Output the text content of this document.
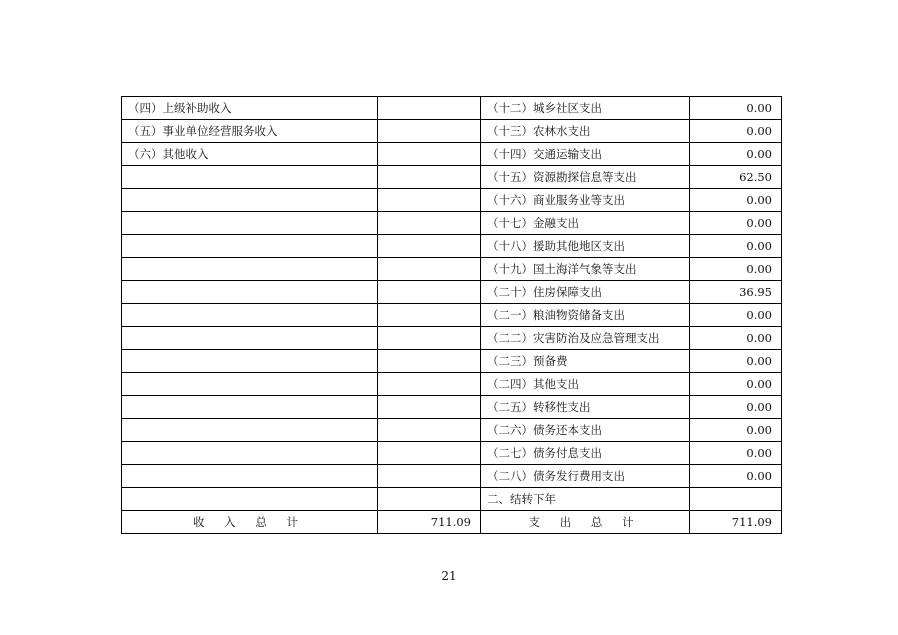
（四）上级补助收入		（十二）城乡社区支出	0.00
（五）事业单位经营服务收入		（十三）农林水支出	0.00
（六）其他收入		（十四）交通运输支出	0.00
		（十五）资源勘探信息等支出	62.50
		（十六）商业服务业等支出	0.00
		（十七）金融支出	0.00
		（十八）援助其他地区支出	0.00
		（十九）国土海洋气象等支出	0.00
		（二十）住房保障支出	36.95
		（二一）粮油物资储备支出	0.00
		（二二）灾害防治及应急管理支出	0.00
		（二三）预备费	0.00
		（二四）其他支出	0.00
		（二五）转移性支出	0.00
		（二六）债务还本支出	0.00
		（二七）债务付息支出	0.00
		（二八）债务发行费用支出	0.00
		二、结转下年	
收 入 总 计	711.09	支 出 总 计	711.09
21
